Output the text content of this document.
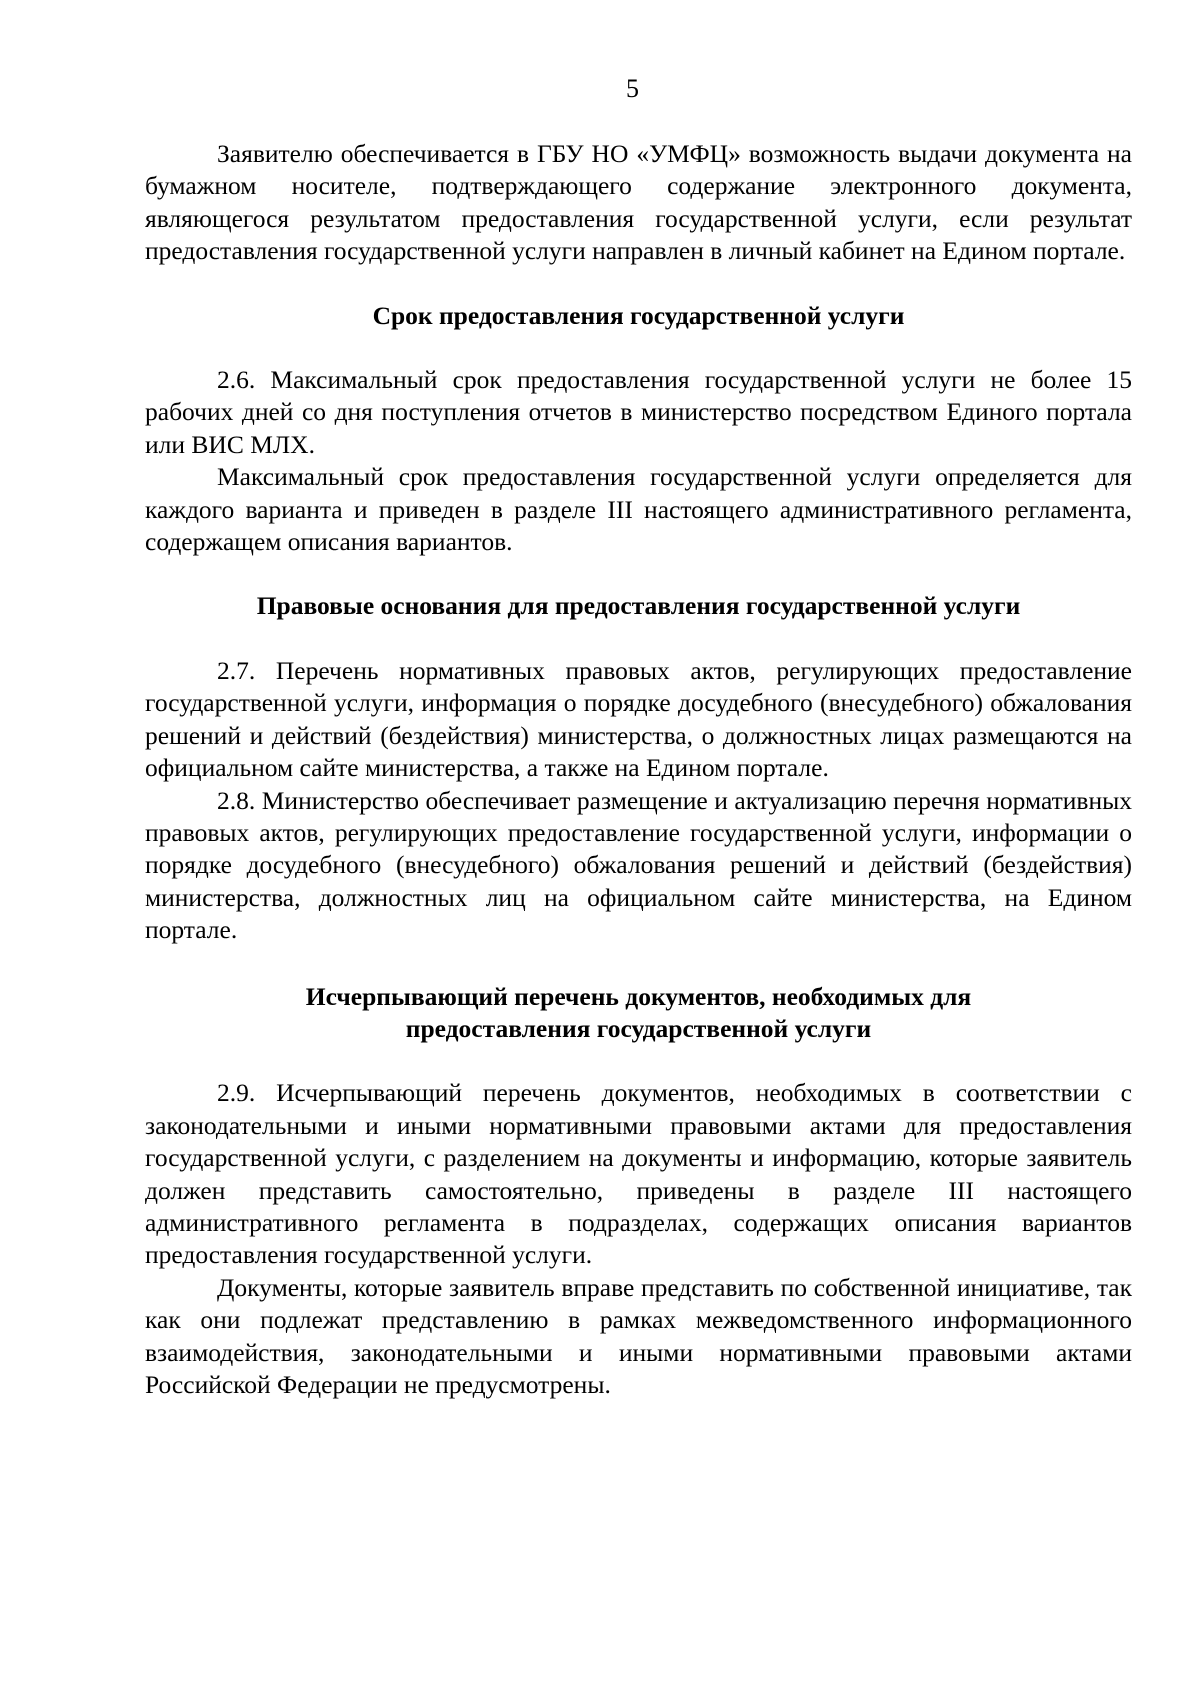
5

Заявителю обеспечивается в ГБУ НО «УМФЦ» возможность выдачи документа на бумажном носителе, подтверждающего содержание электронного документа, являющегося результатом предоставления государственной услуги, если результат предоставления государственной услуги направлен в личный кабинет на Едином портале.

Срок предоставления государственной услуги

2.6. Максимальный срок предоставления государственной услуги не более 15 рабочих дней со дня поступления отчетов в министерство посредством Единого портала или ВИС МЛХ.

Максимальный срок предоставления государственной услуги определяется для каждого варианта и приведен в разделе III настоящего административного регламента, содержащем описания вариантов.

Правовые основания для предоставления государственной услуги

2.7. Перечень нормативных правовых актов, регулирующих предоставление государственной услуги, информация о порядке досудебного (внесудебного) обжалования решений и действий (бездействия) министерства, о должностных лицах размещаются на официальном сайте министерства, а также на Едином портале.

2.8. Министерство обеспечивает размещение и актуализацию перечня нормативных правовых актов, регулирующих предоставление государственной услуги, информации о порядке досудебного (внесудебного) обжалования решений и действий (бездействия) министерства, должностных лиц на официальном сайте министерства, на Едином портале.

Исчерпывающий перечень документов, необходимых для
предоставления государственной услуги

2.9. Исчерпывающий перечень документов, необходимых в соответствии с законодательными и иными нормативными правовыми актами для предоставления государственной услуги, с разделением на документы и информацию, которые заявитель должен представить самостоятельно, приведены в разделе III настоящего административного регламента в подразделах, содержащих описания вариантов предоставления государственной услуги.

Документы, которые заявитель вправе представить по собственной инициативе, так как они подлежат представлению в рамках межведомственного информационного взаимодействия, законодательными и иными нормативными правовыми актами Российской Федерации не предусмотрены.
